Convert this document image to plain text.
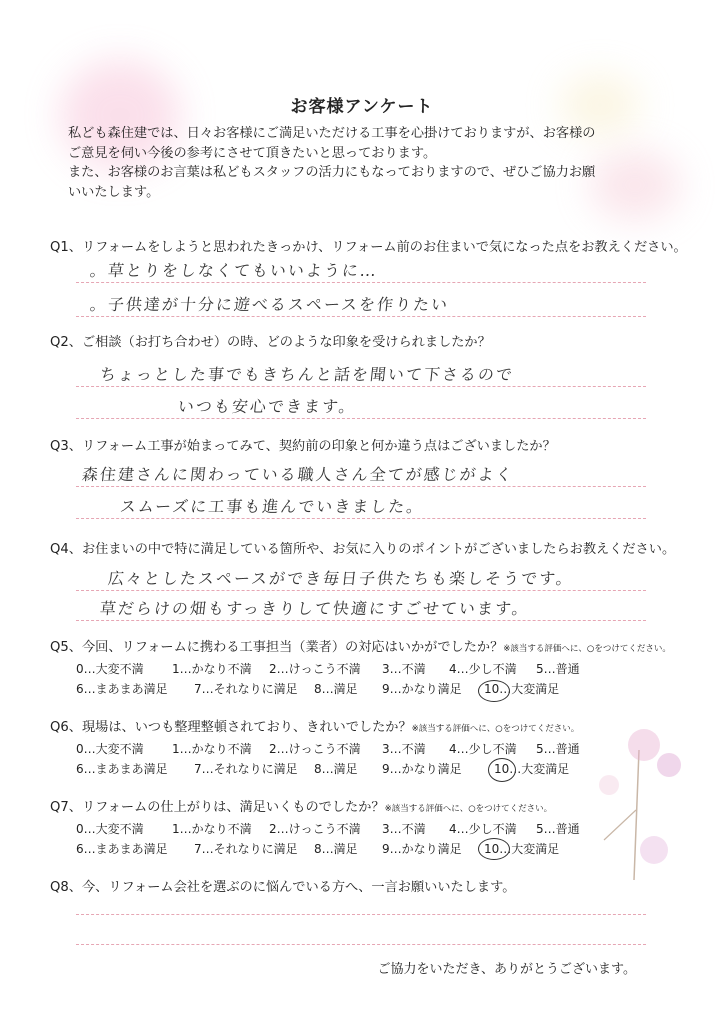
お客様アンケート
私ども森住建では、日々お客様にご満足いただける工事を心掛けておりますが、お客様の
ご意見を伺い今後の参考にさせて頂きたいと思っております。
また、お客様のお言葉は私どもスタッフの活力にもなっておりますので、ぜひご協力お願
いいたします。
Q1、リフォームをしようと思われたきっかけ、リフォーム前のお住まいで気になった点をお教えください。
。草とりをしなくてもいいように…
。子供達が十分に遊べるスペースを作りたい
Q2、ご相談（お打ち合わせ）の時、どのような印象を受けられましたか？
ちょっとした事でもきちんと話を聞いて下さるので
いつも安心できます。
Q3、リフォーム工事が始まってみて、契約前の印象と何か違う点はございましたか？
森住建さんに関わっている職人さん全てが感じがよく
スムーズに工事も進んでいきました。
Q4、お住まいの中で特に満足している箇所や、お気に入りのポイントがございましたらお教えください。
広々としたスペースができ毎日子供たちも楽しそうです。
草だらけの畑もすっきりして快適にすごせています。
Q5、今回、リフォームに携わる工事担当（業者）の対応はいかがでしたか？※該当する評価へに、○をつけてください。
0…大変不満 1…かなり不満 2…けっこう不満 3…不満 4…少し不満 5…普通
6…まあまあ満足 7…それなりに満足 8…満足 9…かなり満足 10…大変満足
Q6、現場は、いつも整理整頓されており、きれいでしたか？※該当する評価へに、○をつけてください。
0…大変不満 1…かなり不満 2…けっこう不満 3…不満 4…少し不満 5…普通
6…まあまあ満足 7…それなりに満足 8…満足 9…かなり満足	10…大変満足
Q7、リフォームの仕上がりは、満足いくものでしたか？※該当する評価へに、○をつけてください。
0…大変不満 1…かなり不満 2…けっこう不満 3…不満 4…少し不満 5…普通
6…まあまあ満足 7…それなりに満足 8…満足 9…かなり満足 10…大変満足
Q8、今、リフォーム会社を選ぶのに悩んでいる方へ、一言お願いいたします。
ご協力をいただき、ありがとうございます。
